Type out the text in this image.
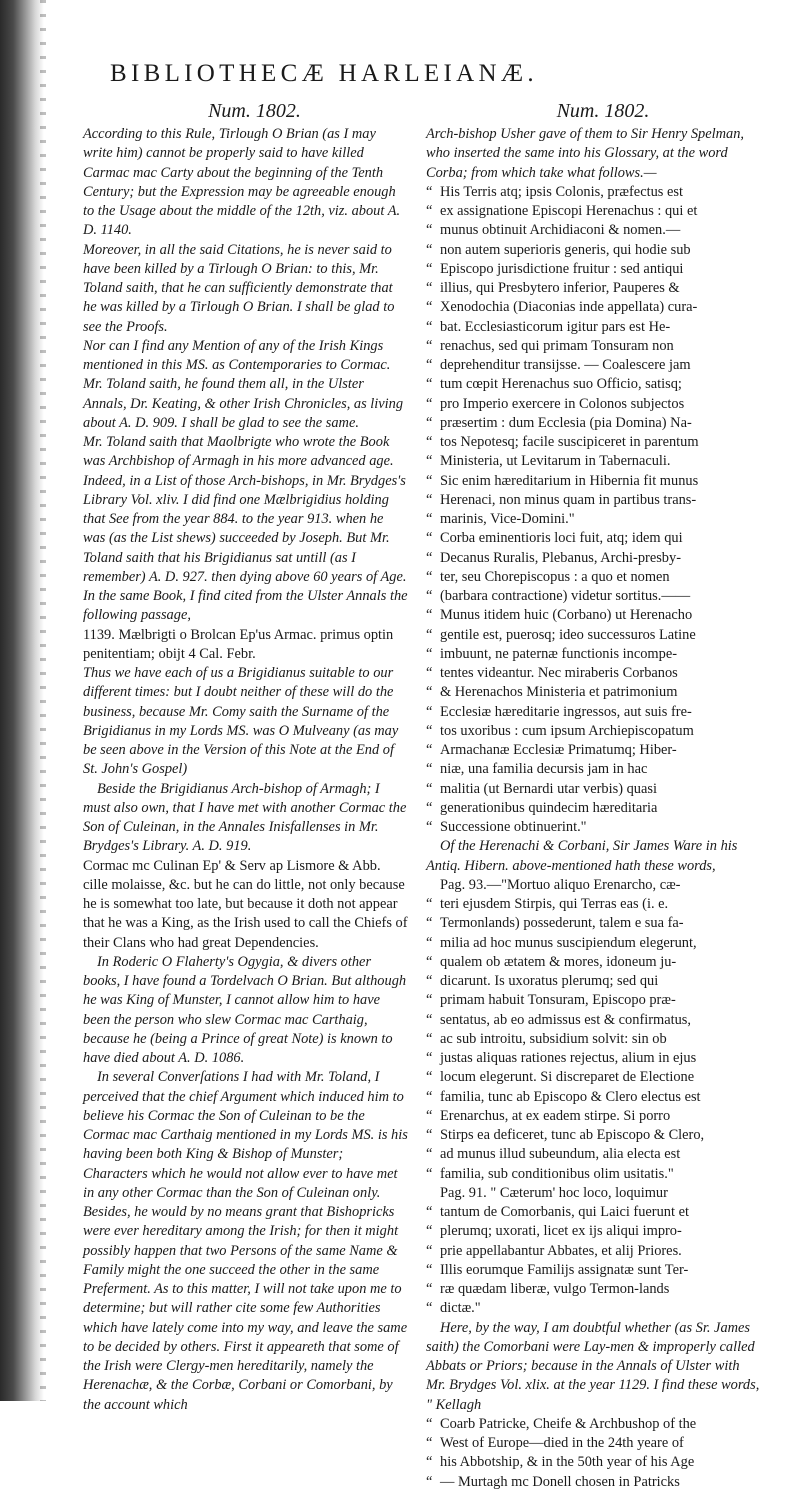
BIBLIOTHECÆ HARLEIANÆ.
Num. 1802.

According to this Rule, Tirlough O Brian (as I may write him) cannot be properly said to have killed Carmac mac Carty about the beginning of the Tenth Century; but the Expression may be agreeable enough to the Usage about the middle of the 12th, viz. about A. D. 1140.

Moreover, in all the said Citations, he is never said to have been killed by a Tirlough O Brian: to this, Mr. Toland saith, that he can sufficiently demonstrate that he was killed by a Tirlough O Brian. I shall be glad to see the Proofs.

Nor can I find any Mention of any of the Irish Kings mentioned in this MS. as Contemporaries to Cormac. Mr. Toland saith, he found them all, in the Ulster Annals, Dr. Keating, & other Irish Chronicles, as living about A. D. 909. I shall be glad to see the same.

Mr. Toland saith that Maolbrigte who wrote the Book was Archbishop of Armagh in his more advanced age. Indeed, in a List of those Arch-bishops, in Mr. Brydges's Library Vol. xliv. I did find one Mælbrigidius holding that See from the year 884. to the year 913. when he was (as the List shews) succeeded by Joseph. But Mr. Toland saith that his Brigidianus sat untill (as I remember) A. D. 927. then dying above 60 years of Age. In the same Book, I find cited from the Ulster Annals the following passage,

1139. Mælbrigti o Brolcan Ep'us Armac. primus optin penitentiam; obijt 4 Cal. Febr.

Thus we have each of us a Brigidianus suitable to our different times: but I doubt neither of these will do the business, because Mr. Comy saith the Surname of the Brigidianus in my Lords MS. was O Mulveany (as may be seen above in the Version of this Note at the End of St. John's Gospel)

Beside the Brigidianus Arch-bishop of Armagh; I must also own, that I have met with another Cormac the Son of Culeinan, in the Annales Inisfallenses in Mr. Brydges's Library. A. D. 919.

Cormac mc Culinan Ep' & Serv ap Lismore & Abb. cille molaisse, &c. but he can do little, not only because he is somewhat too late, but because it doth not appear that he was a King, as the Irish used to call the Chiefs of their Clans who had great Dependencies.

In Roderic O Flaherty's Ogygia, & divers other books, I have found a Tordelvach O Brian. But although he was King of Munster, I cannot allow him to have been the person who slew Cormac mac Carthaig, because he (being a Prince of great Note) is known to have died about A. D. 1086.

In several Converſations I had with Mr. Toland, I perceived that the chief Argument which induced him to believe his Cormac the Son of Culeinan to be the Cormac mac Carthaig mentioned in my Lords MS. is his having been both King & Bishop of Munster; Characters which he would not allow ever to have met in any other Cormac than the Son of Culeinan only. Besides, he would by no means grant that Bishopricks were ever hereditary among the Irish; for then it might possibly happen that two Persons of the same Name & Family might the one succeed the other in the same Preferment. As to this matter, I will not take upon me to determine; but will rather cite some few Authorities which have lately come into my way, and leave the same to be decided by others. First it appeareth that some of the Irish were Clergy-men hereditarily, namely the Herenachæ, & the Corbæ, Corbani or Comorbani, by the account which

Num. 1802.

Arch-bishop Usher gave of them to Sir Henry Spelman, who inserted the same into his Glossary, at the word Corba; from which take what follows.—

“ His Terris atq; ipsis Colonis, præfectus est

“ ex assignatione Episcopi Herenachus : qui et

“ munus obtinuit Archidiaconi & nomen.—

“ non autem superioris generis, qui hodie sub

“ Episcopo jurisdictione fruitur : sed antiqui

“ illius, qui Presbytero inferior, Pauperes &

“ Xenodochia (Diaconias inde appellata) cura-

“ bat. Ecclesiasticorum igitur pars est He-

“ renachus, sed qui primam Tonsuram non

“ deprehenditur transijsse. — Coalescere jam

“ tum cœpit Herenachus suo Officio, satisq;

“ pro Imperio exercere in Colonos subjectos

“ præsertim : dum Ecclesia (pia Domina) Na-

“ tos Nepotesq; facile suscipiceret in parentum

“ Ministeria, ut Levitarum in Tabernaculi.

“ Sic enim hæreditarium in Hibernia fit munus

“ Herenaci, non minus quam in partibus trans-

“ marinis, Vice-Domini."

“ Corba eminentioris loci fuit, atq; idem qui

“ Decanus Ruralis, Plebanus, Archi-presby-

“ ter, seu Chorepiscopus : a quo et nomen

“ (barbara contractione) videtur sortitus.——

“ Munus itidem huic (Corbano) ut Herenacho

“ gentile est, puerosq; ideo successuros Latine

“ imbuunt, ne paternæ functionis incompe-

“ tentes videantur. Nec miraberis Corbanos

“ & Herenachos Ministeria et patrimonium

“ Ecclesiæ hæreditarie ingressos, aut suis fre-

“ tos uxoribus : cum ipsum Archiepiscopatum

“ Armachanæ Ecclesiæ Primatumq; Hiber-

“ niæ, una familia decursis jam in hac

“ malitia (ut Bernardi utar verbis) quasi

“ generationibus quindecim hæreditaria

“ Successione obtinuerint."

Of the Herenachi & Corbani, Sir James Ware in his Antiq. Hibern. above-mentioned hath these words,

Pag. 93.—"Mortuo aliquo Erenarcho, cæ-

“ teri ejusdem Stirpis, qui Terras eas (i. e.

“ Termonlands) possederunt, talem e sua fa-

“ milia ad hoc munus suscipiendum elegerunt,

“ qualem ob ætatem & mores, idoneum ju-

“ dicarunt. Is uxoratus plerumq; sed qui

“ primam habuit Tonsuram, Episcopo præ-

“ sentatus, ab eo admissus est & confirmatus,

“ ac sub introitu, subsidium solvit: sin ob

“ justas aliquas rationes rejectus, alium in ejus

“ locum elegerunt. Si discreparet de Electione

“ familia, tunc ab Episcopo & Clero electus est

“ Erenarchus, at ex eadem stirpe. Si porro

“ Stirps ea deficeret, tunc ab Episcopo & Clero,

“ ad munus illud subeundum, alia electa est

“ familia, sub conditionibus olim usitatis."

Pag. 91. " Cæterum' hoc loco, loquimur

“ tantum de Comorbanis, qui Laici fuerunt et

“ plerumq; uxorati, licet ex ijs aliqui impro-

“ prie appellabantur Abbates, et alij Priores.

“ Illis eorumque Familijs assignatæ sunt Ter-

“ ræ quædam liberæ, vulgo Termon-lands

“ dictæ."

Here, by the way, I am doubtful whether (as Sr. James saith) the Comorbani were Lay-men & improperly called Abbats or Priors; because in the Annals of Ulster with Mr. Brydges Vol. xlix. at the year 1129. I find these words, " Kellagh

“ Coarb Patricke, Cheife & Archbushop of the

“ West of Europe—died in the 24th yeare of

“ his Abbotship, & in the 50th year of his Age

“ — Murtagh mc Donell chosen in Patricks
